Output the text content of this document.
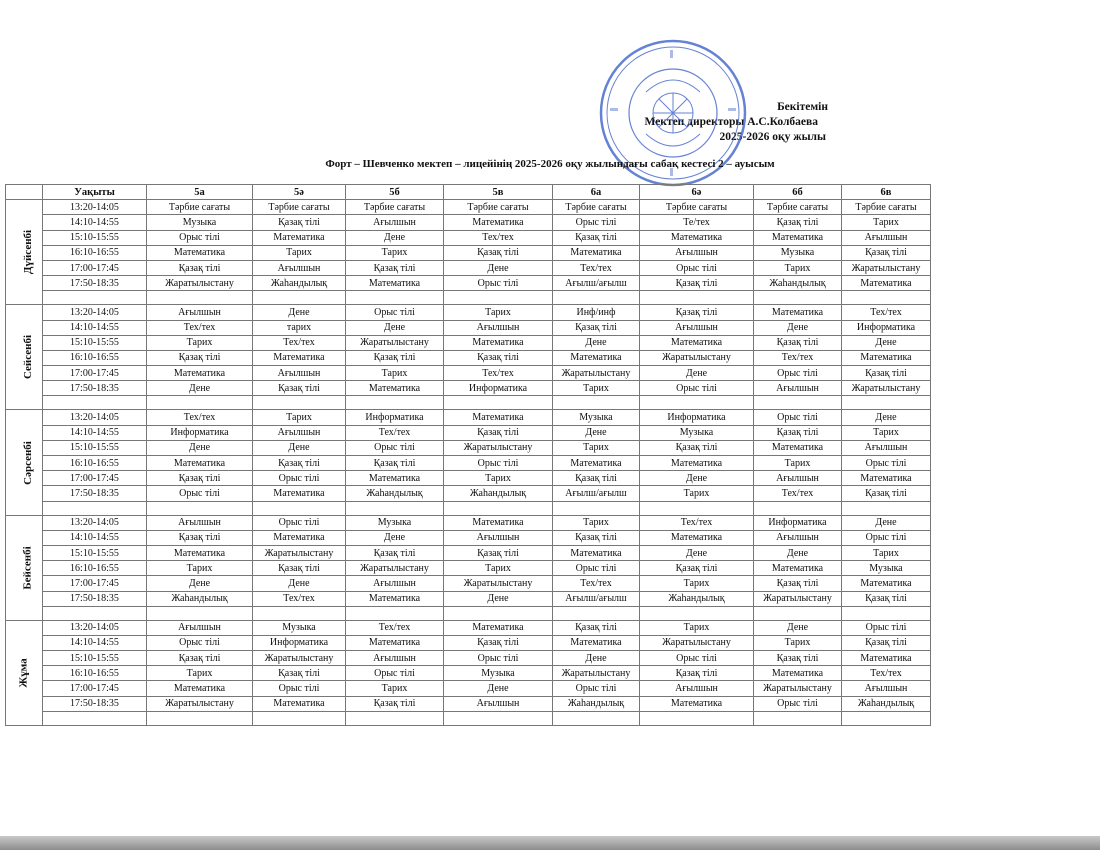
Бекітемін
Мектеп директоры А.С.Колбаева
2025-2026 оқу жылы
Форт – Шевченко мектеп – лицейінің 2025-2026 оқу жылындағы сабақ кестесі 2 – ауысым
	Уақыты	5а	5ә	5б	5в	6а	6ә	6б	6в
Дүйсенбі	13:20-14:05	Тәрбие сағаты	Тәрбие сағаты	Тәрбие сағаты	Тәрбие сағаты	Тәрбие сағаты	Тәрбие сағаты	Тәрбие сағаты	Тәрбие сағаты
	14:10-14:55	Музыка	Қазақ тілі	Ағылшын	Математика	Орыс тілі	Те/тех	Қазақ тілі	Тарих
	15:10-15:55	Орыс тілі	Математика	Дене	Тех/тех	Қазақ тілі	Математика	Математика	Ағылшын
	16:10-16:55	Математика	Тарих	Тарих	Қазақ тілі	Математика	Ағылшын	Музыка	Қазақ тілі
	17:00-17:45	Қазақ тілі	Ағылшын	Қазақ тілі	Дене	Тех/тех	Орыс тілі	Тарих	Жаратылыстану
	17:50-18:35	Жаратылыстану	Жаһандылық	Математика	Орыс тілі	Ағылш/ағылш	Қазақ тілі	Жаһандылық	Математика

Сейсенбі	13:20-14:05	Ағылшын	Дене	Орыс тілі	Тарих	Инф/инф	Қазақ тілі	Математика	Тех/тех
	14:10-14:55	Тех/тех	тарих	Дене	Ағылшын	Қазақ тілі	Ағылшын	Дене	Информатика
	15:10-15:55	Тарих	Тех/тех	Жаратылыстану	Математика	Дене	Математика	Қазақ тілі	Дене
	16:10-16:55	Қазақ тілі	Математика	Қазақ тілі	Қазақ тілі	Математика	Жаратылыстану	Тех/тех	Математика
	17:00-17:45	Математика	Ағылшын	Тарих	Тех/тех	Жаратылыстану	Дене	Орыс тілі	Қазақ тілі
	17:50-18:35	Дене	Қазақ тілі	Математика	Информатика	Тарих	Орыс тілі	Ағылшын	Жаратылыстану

Сәрсенбі	13:20-14:05	Тех/тех	Тарих	Информатика	Математика	Музыка	Информатика	Орыс тілі	Дене
	14:10-14:55	Информатика	Ағылшын	Тех/тех	Қазақ тілі	Дене	Музыка	Қазақ тілі	Тарих
	15:10-15:55	Дене	Дене	Орыс тілі	Жаратылыстану	Тарих	Қазақ тілі	Математика	Ағылшын
	16:10-16:55	Математика	Қазақ тілі	Қазақ тілі	Орыс тілі	Математика	Математика	Тарих	Орыс тілі
	17:00-17:45	Қазақ тілі	Орыс тілі	Математика	Тарих	Қазақ тілі	Дене	Ағылшын	Математика
	17:50-18:35	Орыс тілі	Математика	Жаһандылық	Жаһандылық	Ағылш/ағылш	Тарих	Тех/тех	Қазақ тілі

Бейсенбі	13:20-14:05	Ағылшын	Орыс тілі	Музыка	Математика	Тарих	Тех/тех	Информатика	Дене
	14:10-14:55	Қазақ тілі	Математика	Дене	Ағылшын	Қазақ тілі	Математика	Ағылшын	Орыс тілі
	15:10-15:55	Математика	Жаратылыстану	Қазақ тілі	Қазақ тілі	Математика	Дене	Дене	Тарих
	16:10-16:55	Тарих	Қазақ тілі	Жаратылыстану	Тарих	Орыс тілі	Қазақ тілі	Математика	Музыка
	17:00-17:45	Дене	Дене	Ағылшын	Жаратылыстану	Тех/тех	Тарих	Қазақ тілі	Математика
	17:50-18:35	Жаһандылық	Тех/тех	Математика	Дене	Ағылш/ағылш	Жаһандылық	Жаратылыстану	Қазақ тілі

Жұма	13:20-14:05	Ағылшын	Музыка	Тех/тех	Математика	Қазақ тілі	Тарих	Дене	Орыс тілі
	14:10-14:55	Орыс тілі	Информатика	Математика	Қазақ тілі	Математика	Жаратылыстану	Тарих	Қазақ тілі
	15:10-15:55	Қазақ тілі	Жаратылыстану	Ағылшын	Орыс тілі	Дене	Орыс тілі	Қазақ тілі	Математика
	16:10-16:55	Тарих	Қазақ тілі	Орыс тілі	Музыка	Жаратылыстану	Қазақ тілі	Математика	Тех/тех
	17:00-17:45	Математика	Орыс тілі	Тарих	Дене	Орыс тілі	Ағылшын	Жаратылыстану	Ағылшын
	17:50-18:35	Жаратылыстану	Математика	Қазақ тілі	Ағылшын	Жаһандылық	Математика	Орыс тілі	Жаһандылық
